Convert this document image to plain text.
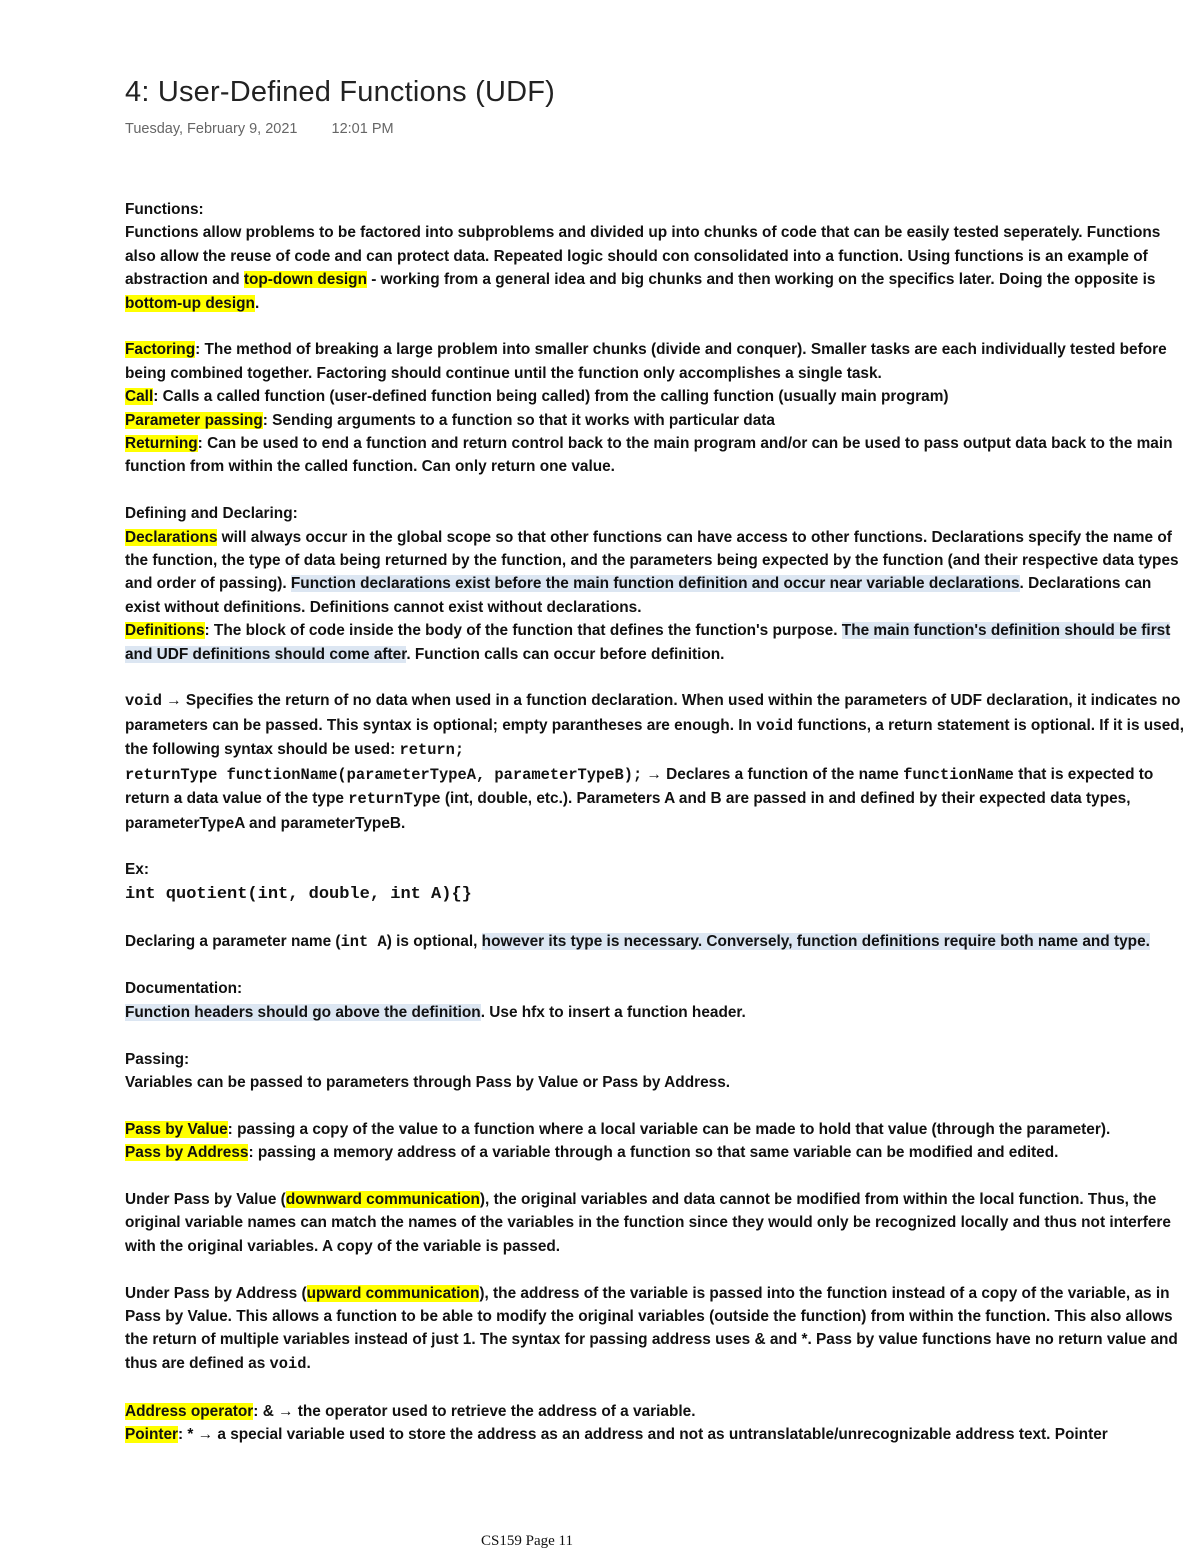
4: User-Defined Functions (UDF)
Tuesday, February 9, 2021 12:01 PM

Functions:

Functions allow problems to be factored into subproblems and divided up into chunks of code that can be easily tested seperately. Functions also allow the reuse of code and can protect data. Repeated logic should con consolidated into a function. Using functions is an example of abstraction and top-down design - working from a general idea and big chunks and then working on the specifics later. Doing the opposite is bottom-up design.

Factoring: The method of breaking a large problem into smaller chunks (divide and conquer). Smaller tasks are each individually tested before being combined together. Factoring should continue until the function only accomplishes a single task.

Call: Calls a called function (user-defined function being called) from the calling function (usually main program)

Parameter passing: Sending arguments to a function so that it works with particular data

Returning: Can be used to end a function and return control back to the main program and/or can be used to pass output data back to the main function from within the called function. Can only return one value.

Defining and Declaring:

Declarations will always occur in the global scope so that other functions can have access to other functions. Declarations specify the name of the function, the type of data being returned by the function, and the parameters being expected by the function (and their respective data types and order of passing). Function declarations exist before the main function definition and occur near variable declarations. Declarations can exist without definitions. Definitions cannot exist without declarations.

Definitions: The block of code inside the body of the function that defines the function's purpose. The main function's definition should be first and UDF definitions should come after. Function calls can occur before definition.

void → Specifies the return of no data when used in a function declaration. When used within the parameters of UDF declaration, it indicates no parameters can be passed. This syntax is optional; empty parantheses are enough. In void functions, a return statement is optional. If it is used, the following syntax should be used: return;

returnType functionName(parameterTypeA, parameterTypeB); → Declares a function of the name functionName that is expected to return a data value of the type returnType (int, double, etc.). Parameters A and B are passed in and defined by their expected data types, parameterTypeA and parameterTypeB.

Ex:

int quotient(int, double, int A){}

Declaring a parameter name (int A) is optional, however its type is necessary. Conversely, function definitions require both name and type.

Documentation:

Function headers should go above the definition. Use hfx to insert a function header.

Passing:

Variables can be passed to parameters through Pass by Value or Pass by Address.

Pass by Value: passing a copy of the value to a function where a local variable can be made to hold that value (through the parameter).

Pass by Address: passing a memory address of a variable through a function so that same variable can be modified and edited.

Under Pass by Value (downward communication), the original variables and data cannot be modified from within the local function. Thus, the original variable names can match the names of the variables in the function since they would only be recognized locally and thus not interfere with the original variables. A copy of the variable is passed.

Under Pass by Address (upward communication), the address of the variable is passed into the function instead of a copy of the variable, as in Pass by Value. This allows a function to be able to modify the original variables (outside the function) from within the function. This also allows the return of multiple variables instead of just 1. The syntax for passing address uses & and *. Pass by value functions have no return value and thus are defined as void.

Address operator: & → the operator used to retrieve the address of a variable.

Pointer: * → a special variable used to store the address as an address and not as untranslatable/unrecognizable address text. Pointer

CS159 Page 11
